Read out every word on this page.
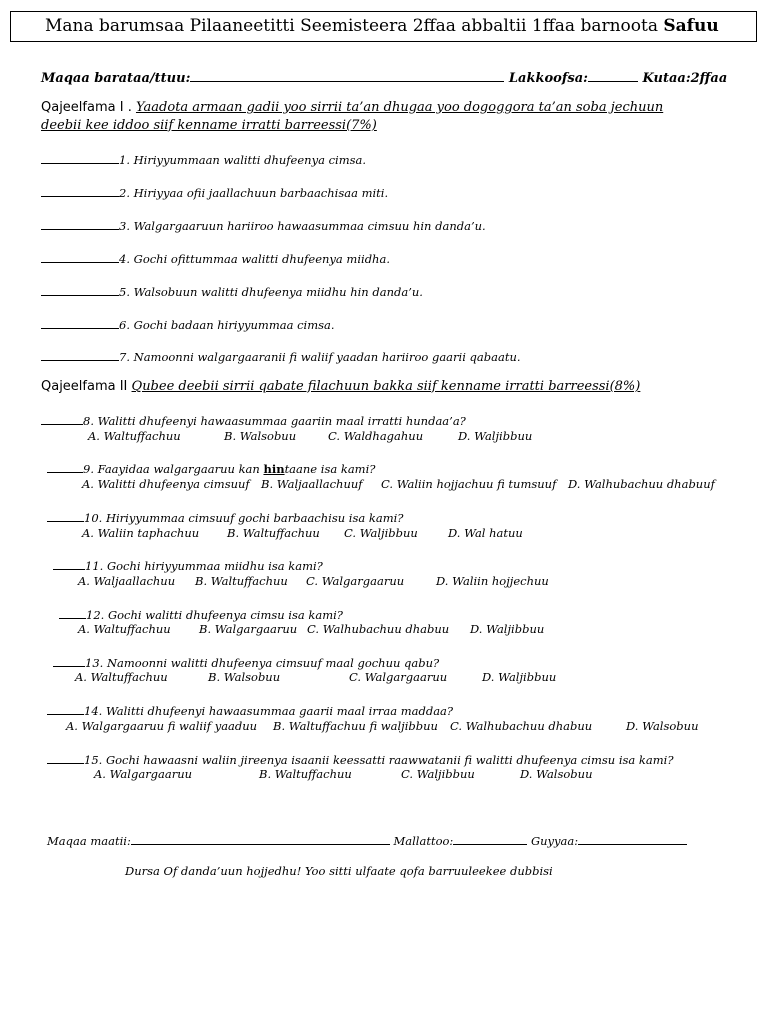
Mana barumsaa Pilaaneetitti Seemisteera 2ffaa abbaltii 1ffaa barnoota Safuu
Maqaa barataa/ttuu:	Lakkoofsa:	Kutaa:2ffaa
Qajeelfama I . Yaadota armaan gadii yoo sirrii ta’an dhugaa yoo dogoggora ta’an soba jechuun
deebii kee iddoo siif kenname irratti barreessi(7%)
1. Hiriyyummaan walitti dhufeenya cimsa.
2. Hiriyyaa ofii jaallachuun barbaachisaa miti.
3. Walgargaaruun hariiroo hawaasummaa cimsuu hin danda’u.
4. Gochi ofittummaa walitti dhufeenya miidha.
5. Walsobuun walitti dhufeenya miidhu hin danda’u.
6. Gochi badaan hiriyyummaa cimsa.
7. Namoonni walgargaaranii fi waliif yaadan hariiroo gaarii qabaatu.
Qajeelfama II Qubee deebii sirrii qabate filachuun bakka siif kenname irratti barreessi(8%)
8. Walitti dhufeenyi hawaasummaa gaariin maal irratti hundaa’a?
A. Waltuffachuu	B. Walsobuu	C. Waldhagahuu	D. Waljibbuu
9. Faayidaa walgargaaruu kan hintaane isa kami?
A. Walitti dhufeenya cimsuuf B. Waljaallachuuf C. Waliin hojjachuu fi tumsuuf D. Walhubachuu dhabuuf
10. Hiriyyummaa cimsuuf gochi barbaachisu isa kami?
A. Waliin taphachuu B. Waltuffachuu C. Waljibbuu	D. Wal hatuu
11. Gochi hiriyyummaa miidhu isa kami?
A. Waljaallachuu B. Waltuffachuu C. Walgargaaruu	D. Waliin hojjechuu
12. Gochi walitti dhufeenya cimsu isa kami?
A. Waltuffachuu B. Walgargaaruu C. Walhubachuu dhabuu D. Waljibbuu
13. Namoonni walitti dhufeenya cimsuuf maal gochuu qabu?
A. Waltuffachuu	B. Walsobuu	C. Walgargaaruu	D. Waljibbuu
14. Walitti dhufeenyi hawaasummaa gaarii maal irraa maddaa?
A. Walgargaaruu fi waliif yaaduu B. Waltuffachuu fi waljibbuu C. Walhubachuu dhabuu	D. Walsobuu
15. Gochi hawaasni waliin jireenya isaanii keessatti raawwatanii fi walitti dhufeenya cimsu isa kami?
A. Walgargaaruu	B. Waltuffachuu	C. Waljibbuu	D. Walsobuu
Maqaa maatii:	Mallattoo:	Guyyaa:
Dursa Of danda’uun hojjedhu! Yoo sitti ulfaate qofa barruuleekee dubbisi
